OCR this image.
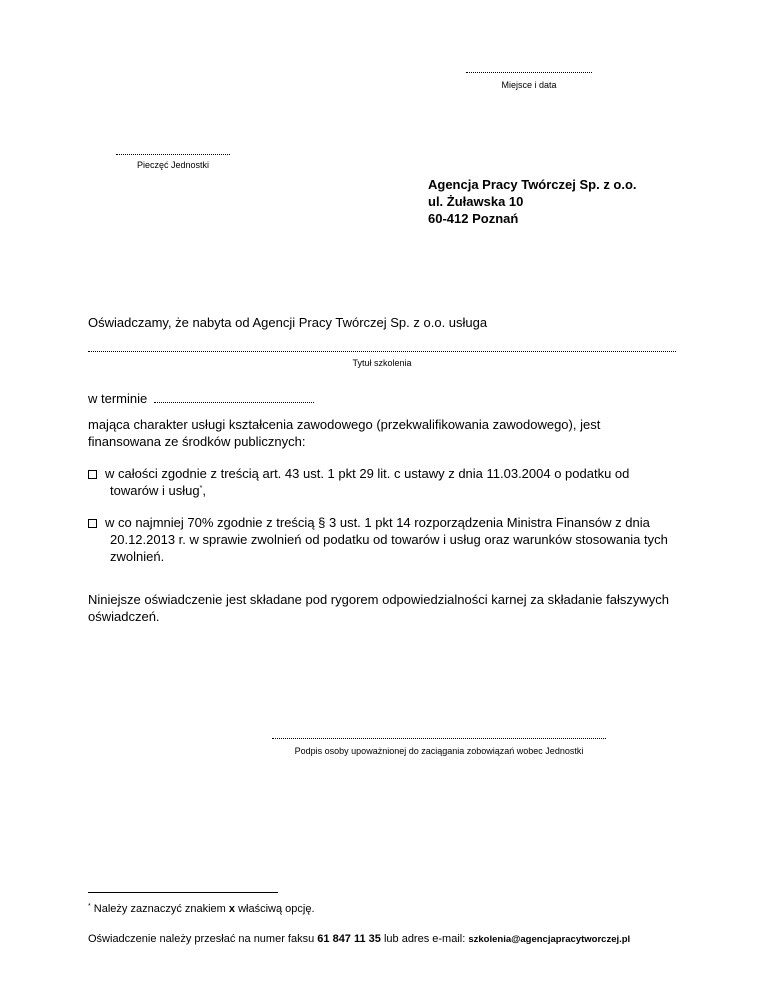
Miejsce i data
Pieczęć Jednostki
Agencja Pracy Twórczej Sp. z o.o.
ul. Żuławska 10
60-412 Poznań
Oświadczamy, że nabyta od Agencji Pracy Twórczej Sp. z o.o. usługa
Tytuł szkolenia
w terminie
mająca charakter usługi kształcenia zawodowego (przekwalifikowania zawodowego), jest
finansowana ze środków publicznych:
w całości zgodnie z treścią art. 43 ust. 1 pkt 29 lit. c ustawy z dnia 11.03.2004 o podatku od
towarów i usług*,
w co najmniej 70% zgodnie z treścią § 3 ust. 1 pkt 14 rozporządzenia Ministra Finansów z dnia
20.12.2013 r. w sprawie zwolnień od podatku od towarów i usług oraz warunków stosowania tych
zwolnień.
Niniejsze oświadczenie jest składane pod rygorem odpowiedzialności karnej za składanie fałszywych
oświadczeń.
Podpis osoby upoważnionej do zaciągania zobowiązań wobec Jednostki
* Należy zaznaczyć znakiem x właściwą opcję.
Oświadczenie należy przesłać na numer faksu 61 847 11 35 lub adres e-mail: szkolenia@agencjapracytworczej.pl
